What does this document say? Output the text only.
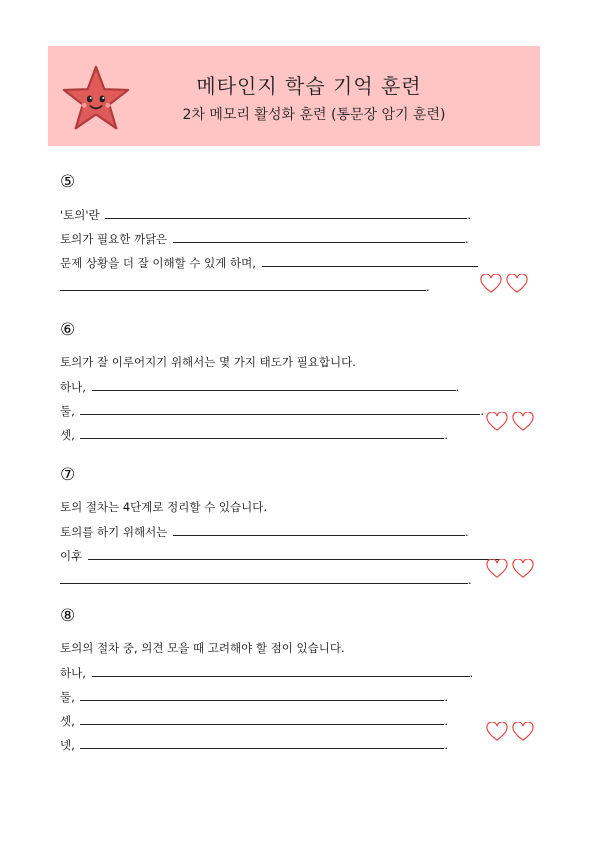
메타인지 학습 기억 훈련
2차 메모리 활성화 훈련 (통문장 암기 훈련)
⑤
'토의'란	.
토의가 필요한 까닭은	.
문제 상황을 더 잘 이해할 수 있게 하며,
.
⑥
토의가 잘 이루어지기 위해서는 몇 가지 태도가 필요합니다.
하나,	.
둘,	.
셋,	.
⑦
토의 절차는 4단계로 정리할 수 있습니다.
토의를 하기 위해서는	.
이후
.
⑧
토의의 절차 중, 의견 모을 때 고려해야 할 점이 있습니다.
하나,	.
둘,	.
셋,	.
넷,	.
